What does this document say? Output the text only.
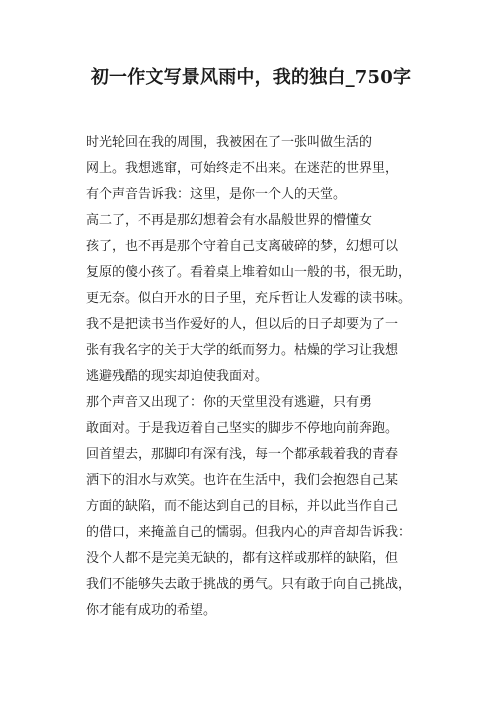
初一作文写景风雨中，我的独白_750字

时光轮回在我的周围，我被困在了一张叫做生活的
网上。我想逃窜，可始终走不出来。在迷茫的世界里，
有个声音告诉我：这里，是你一个人的天堂。

高二了，不再是那幻想着会有水晶般世界的懵懂女
孩了，也不再是那个守着自己支离破碎的梦，幻想可以
复原的傻小孩了。看着桌上堆着如山一般的书，很无助，
更无奈。似白开水的日子里，充斥哲让人发霉的读书味。
我不是把读书当作爱好的人，但以后的日子却要为了一
张有我名字的关于大学的纸而努力。枯燥的学习让我想
逃避残酷的现实却迫使我面对。

那个声音又出现了：你的天堂里没有逃避，只有勇
敢面对。于是我迈着自己坚实的脚步不停地向前奔跑。
回首望去，那脚印有深有浅，每一个都承载着我的青春
洒下的泪水与欢笑。也许在生活中，我们会抱怨自己某
方面的缺陷，而不能达到自己的目标，并以此当作自己
的借口，来掩盖自己的懦弱。但我内心的声音却告诉我：
没个人都不是完美无缺的，都有这样或那样的缺陷，但
我们不能够失去敢于挑战的勇气。只有敢于向自己挑战，
你才能有成功的希望。
